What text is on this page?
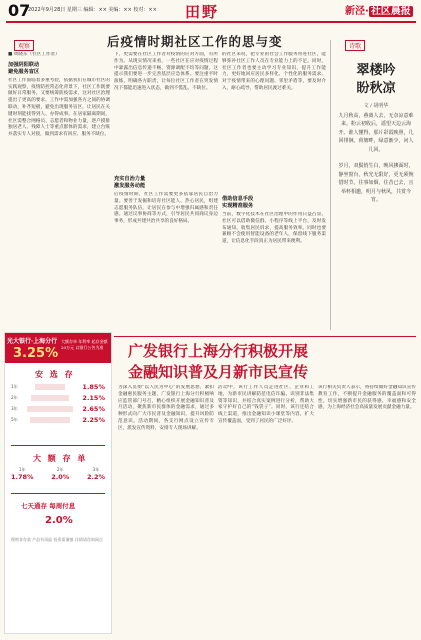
07
2022年9月28日 星期三 编辑：×× 美编：×× 校对：×× 田野	新泾· 社区晨报
观察	诗歌
后疫情时期社区工作的思与变
■ 周晓东（社区工作者）
加强阴阳联动
避免服务盲区
社区工作面临着多重考验，依据我们在城市社区的实践观察，疫情防控常态化背景下，社区工作既要做好日常服务，又要统筹防疫需求，这对社区治理提出了更高的要求。工作中需加强各方之间的协调联动，补齐短板，避免出现服务盲区，让居民在关键时刻能找得到人、办得成事。在居家隔离期间，社区需整合网格员、志愿者和物业力量，逐户摸排独居老人、残障人士等重点群体的需求，建立台账并落实专人对接，做到需求有回应、服务不缺位。
下，更需要在社区工作者对疫情的应对方面，有所作为。从现实情况来看，一些社区在应对疫情过程中暴露出信息传递不畅、资源调配不均等问题，这提示我们要进一步完善基层应急体系。要注重平时演练，明确各方职责，让每位社区工作者在突发情况下都能迅速进入状态，做到不慌乱、不缺位。
充实自治力量
激发服务动能
后疫情时期，社区工作需要更多依靠居民自治力量。要善于发掘和培育社区能人、热心居民，组建志愿服务队伍，让居民在参与中增强归属感和责任感。通过议事协商等方式，引导居民共同商议身边事务，形成共建共治共享的良好格局。
的社区来说，把专业的社会工作服务带进社区，能够弥补社区工作人员在专业能力上的不足。同时，社区工作者也要主动学习专业知识，提升工作能力，更好地回应居民多样化、个性化的服务需求。对于疫情带来的心理问题、邻里矛盾等，要及时介入，耐心疏导，帮助居民渡过难关。
借助信息手段
实现精准服务
当前，数字化技术在社区治理中的作用日益凸显。社区可以借助微信群、小程序等线上平台，及时发布通知、收集居民诉求，提高服务效率。同时也要兼顾不会使用智能设备的老年人，保留线下服务渠道，让信息化手段真正为居民带来便利。
翠楼吟
盼秋凉
文 / 胡明华
九月秋高，燕离人去，无奈凉意难来。粉云初收后，遥望天边云海开。谁人懂得，那片彩霞映照，几回徘徊。荷塘畔，绿意渐少，问人几回。

岁月，双鬓悄生白，晚风拂面时，静坐窗台。秋光无限好，更无须惋惜时节。往事如烟，往昔已去，且举杯相邀，明月与秋风，共赏今宵。
光大银行·上海分行
3.25%
大额存单 年利率 起存金额20万元 以银行公告为准
安 选 存
1年	1.85%
2年	2.15%
3年	2.65%
5年	2.25%
大 额 存 单
1年
1.78%
2年
2.0%
3年
2.2%
七天通存 每周付息
2.0%
理财非存款 产品有风险 投资需谨慎 详情请咨询网点
广发银行上海分行积极开展
金融知识普及月新市民宣传
为深入贯彻“以人民为中心”的发展思想，紧扣金融惠民服务主题，广发银行上海分行积极响应监管部门号召，精心组织开展金融知识普及月活动，聚焦新市民群体的金融需求，通过多种形式向广大市民普及金融知识，提升风险防范意识。活动期间，各支行网点设立宣传专区，派发宣传资料，安排专人现场讲解。
活动中，该行工作人员走进社区、企业和工地，为新市民讲解防范电信诈骗、识别非法集资等知识，并结合真实案例进行分析，帮助大家守护好自己的“钱袋子”。同时，该行还结合线上渠道，推出金融知识小课堂等内容，扩大宣传覆盖面，受到了居民的广泛好评。
该行相关负责人表示，将持续做好金融知识宣传教育工作，不断提升金融服务的覆盖面和可得性，切实增强新市民的获得感、幸福感和安全感，为上海经济社会高质量发展贡献金融力量。
